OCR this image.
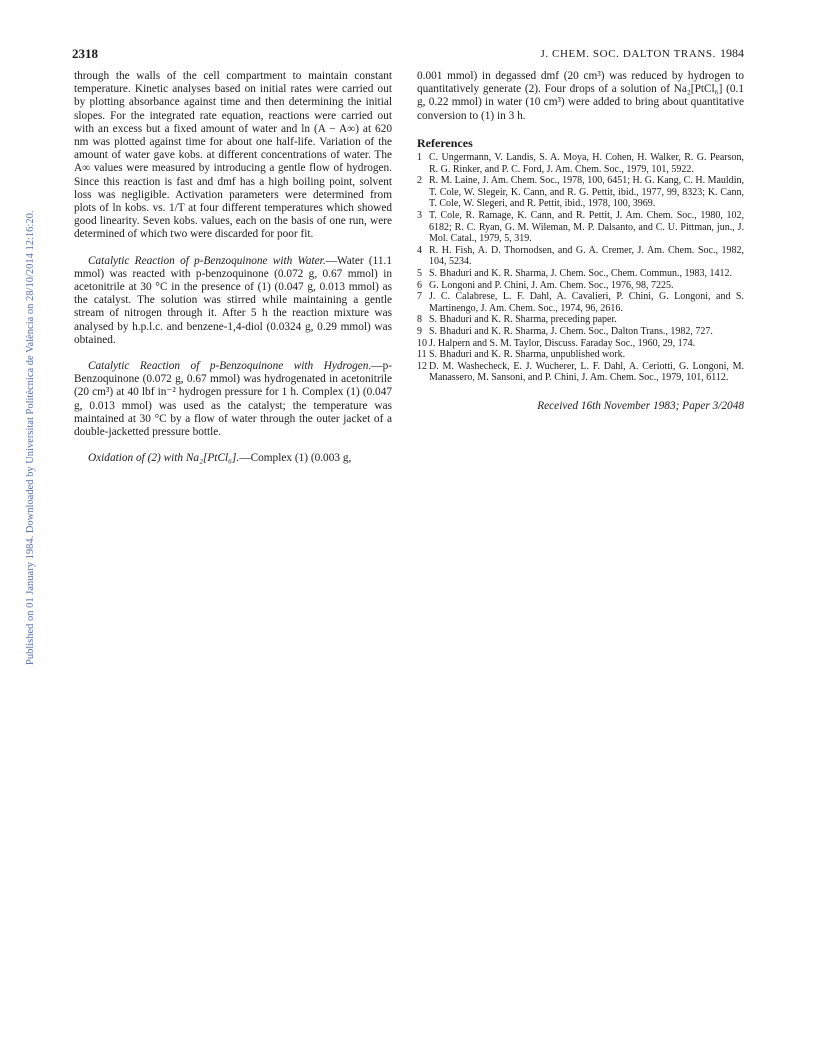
2318	J. CHEM. SOC. DALTON TRANS. 1984
Published on 01 January 1984. Downloaded by Universitat Politècnica de València on 28/10/2014 12:16:20.

through the walls of the cell compartment to maintain constant temperature. Kinetic analyses based on initial rates were carried out by plotting absorbance against time and then determining the initial slopes. For the integrated rate equation, reactions were carried out with an excess but a fixed amount of water and ln (A − A∞) at 620 nm was plotted against time for about one half-life. Variation of the amount of water gave kobs. at different concentrations of water. The A∞ values were measured by introducing a gentle flow of hydrogen. Since this reaction is fast and dmf has a high boiling point, solvent loss was negligible. Activation parameters were determined from plots of ln kobs. vs. 1/T at four different temperatures which showed good linearity. Seven kobs. values, each on the basis of one run, were determined of which two were discarded for poor fit.

Catalytic Reaction of p-Benzoquinone with Water.—Water (11.1 mmol) was reacted with p-benzoquinone (0.072 g, 0.67 mmol) in acetonitrile at 30 °C in the presence of (1) (0.047 g, 0.013 mmol) as the catalyst. The solution was stirred while maintaining a gentle stream of nitrogen through it. After 5 h the reaction mixture was analysed by h.p.l.c. and benzene-1,4-diol (0.0324 g, 0.29 mmol) was obtained.

Catalytic Reaction of p-Benzoquinone with Hydrogen.—p-Benzoquinone (0.072 g, 0.67 mmol) was hydrogenated in acetonitrile (20 cm³) at 40 lbf in⁻² hydrogen pressure for 1 h. Complex (1) (0.047 g, 0.013 mmol) was used as the catalyst; the temperature was maintained at 30 °C by a flow of water through the outer jacket of a double-jacketted pressure bottle.

Oxidation of (2) with Na₂[PtCl₆].—Complex (1) (0.003 g,

0.001 mmol) in degassed dmf (20 cm³) was reduced by hydrogen to quantitatively generate (2). Four drops of a solution of Na₂[PtCl₆] (0.1 g, 0.22 mmol) in water (10 cm³) were added to bring about quantitative conversion to (1) in 3 h.

References
1 C. Ungermann, V. Landis, S. A. Moya, H. Cohen, H. Walker, R. G. Pearson, R. G. Rinker, and P. C. Ford, J. Am. Chem. Soc., 1979, 101, 5922.
2 R. M. Laine, J. Am. Chem. Soc., 1978, 100, 6451; H. G. Kang, C. H. Mauldin, T. Cole, W. Slegeir, K. Cann, and R. G. Pettit, ibid., 1977, 99, 8323; K. Cann, T. Cole, W. Slegeri, and R. Pettit, ibid., 1978, 100, 3969.
3 T. Cole, R. Ramage, K. Cann, and R. Pettit, J. Am. Chem. Soc., 1980, 102, 6182; R. C. Ryan, G. M. Wileman, M. P. Dalsanto, and C. U. Pittman, jun., J. Mol. Catal., 1979, 5, 319.
4 R. H. Fish, A. D. Thornodsen, and G. A. Cremer, J. Am. Chem. Soc., 1982, 104, 5234.
5 S. Bhaduri and K. R. Sharma, J. Chem. Soc., Chem. Commun., 1983, 1412.
6 G. Longoni and P. Chini, J. Am. Chem. Soc., 1976, 98, 7225.
7 J. C. Calabrese, L. F. Dahl, A. Cavalieri, P. Chini, G. Longoni, and S. Martinengo, J. Am. Chem. Soc., 1974, 96, 2616.
8 S. Bhaduri and K. R. Sharma, preceding paper.
9 S. Bhaduri and K. R. Sharma, J. Chem. Soc., Dalton Trans., 1982, 727.
10 J. Halpern and S. M. Taylor, Discuss. Faraday Soc., 1960, 29, 174.
11 S. Bhaduri and K. R. Sharma, unpublished work.
12 D. M. Washecheck, E. J. Wucherer, L. F. Dahl, A. Ceriotti, G. Longoni, M. Manassero, M. Sansoni, and P. Chini, J. Am. Chem. Soc., 1979, 101, 6112.

Received 16th November 1983; Paper 3/2048
